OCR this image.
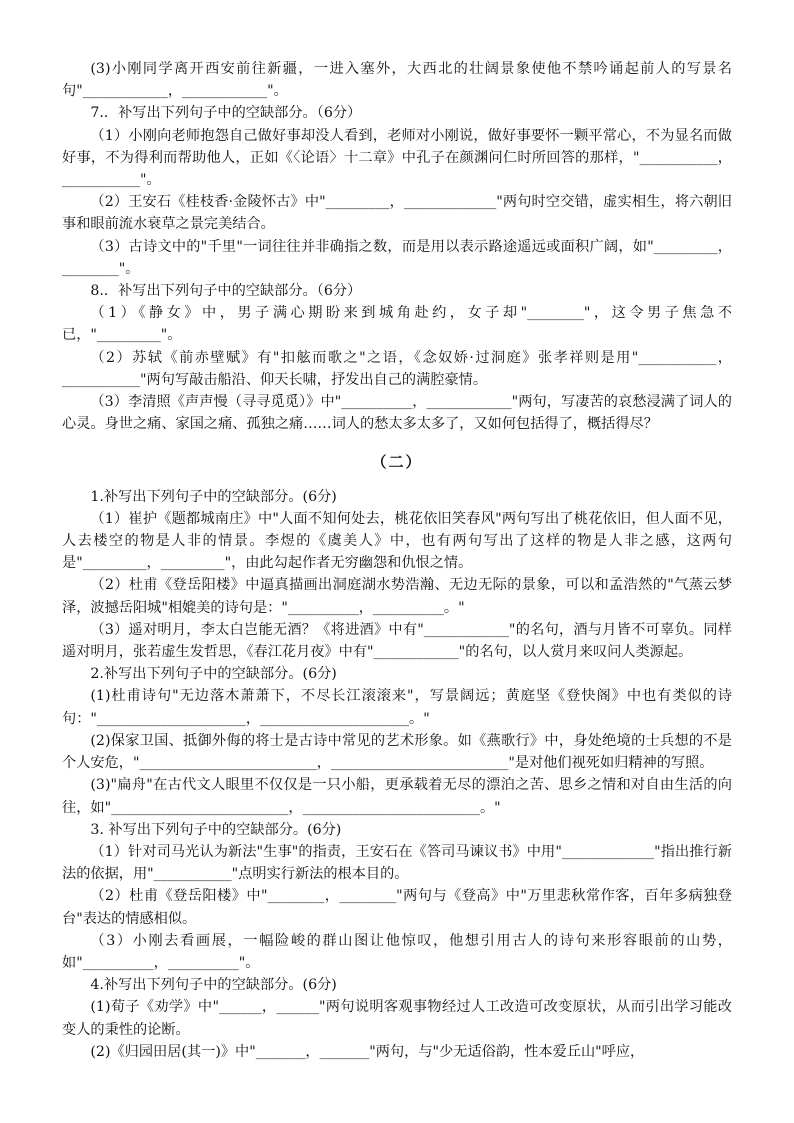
(3)小刚同学离开西安前往新疆，一进入塞外，大西北的壮阔景象使他不禁吟诵起前人的写景名句"____________，____________"。

7.．补写出下列句子中的空缺部分。（6分）

（1）小刚向老师抱怨自己做好事却没人看到，老师对小刚说，做好事要怀一颗平常心，不为显名而做好事，不为得利而帮助他人，正如《〈论语〉十二章》中孔子在颜渊问仁时所回答的那样，"___________，___________"。

（2）王安石《桂枝香·金陵怀古》中"_________，_____________"两句时空交错，虚实相生，将六朝旧事和眼前流水衰草之景完美结合。

（3）古诗文中的"千里"一词往往并非确指之数，而是用以表示路途遥远或面积广阔，如"_________，________"。

8.．补写出下列句子中的空缺部分。（6分）

（1）《静女》中，男子满心期盼来到城角赴约，女子却"________"，这令男子焦急不已，"_________"。

（2）苏轼《前赤壁赋》有"扣舷而歌之"之语，《念奴娇·过洞庭》张孝祥则是用"___________，___________"两句写敲击船沿、仰天长啸，抒发出自己的满腔豪情。

（3）李清照《声声慢（寻寻觅觅）》中"__________，____________"两句，写凄苦的哀愁浸满了词人的心灵。身世之痛、家国之痛、孤独之痛……词人的愁太多太多了，又如何包括得了，概括得尽？

（二）

1.补写出下列句子中的空缺部分。(6分)

（1）崔护《题都城南庄》中"人面不知何处去，桃花依旧笑春风"两句写出了桃花依旧，但人面不见，人去楼空的物是人非的情景。李煜的《虞美人》中，也有两句写出了这样的物是人非之感，这两句是"_________，_________"，由此勾起作者无穷幽怨和仇恨之情。

（2）杜甫《登岳阳楼》中逼真描画出洞庭湖水势浩瀚、无边无际的景象，可以和孟浩然的"气蒸云梦泽，波撼岳阳城"相媲美的诗句是："__________，__________。"

（3）遥对明月，李太白岂能无酒？《将进酒》中有"____________"的名句，酒与月皆不可辜负。同样遥对明月，张若虚生发哲思，《春江花月夜》中有"____________"的名句，以人赏月来叹问人类源起。

2.补写出下列句子中的空缺部分。(6分)

(1)杜甫诗句"无边落木萧萧下，不尽长江滚滚来"，写景阔远；黄庭坚《登快阁》中也有类似的诗句："_____________________，_____________________。"

(2)保家卫国、抵御外侮的将士是古诗中常见的艺术形象。如《燕歌行》中，身处绝境的士兵想的不是个人安危，"_________________________，_________________________"是对他们视死如归精神的写照。

(3)"扁舟"在古代文人眼里不仅仅是一只小船，更承载着无尽的漂泊之苦、思乡之情和对自由生活的向往，如"_________________________，_________________________。"

3. 补写出下列句子中的空缺部分。(6分)

（1）针对司马光认为新法"生事"的指责，王安石在《答司马谏议书》中用"_____________"指出推行新法的依据，用"___________"点明实行新法的根本目的。

（2）杜甫《登岳阳楼》中"________，________"两句与《登高》中"万里悲秋常作客，百年多病独登台"表达的情感相似。

（3）小刚去看画展，一幅险峻的群山图让他惊叹，他想引用古人的诗句来形容眼前的山势，如"__________，__________"。

4.补写出下列句子中的空缺部分。(6分)

(1)荀子《劝学》中"______，______"两句说明客观事物经过人工改造可改变原状，从而引出学习能改变人的秉性的论断。

(2)《归园田居(其一)》中"_______，_______"两句，与"少无适俗韵，性本爱丘山"呼应，
